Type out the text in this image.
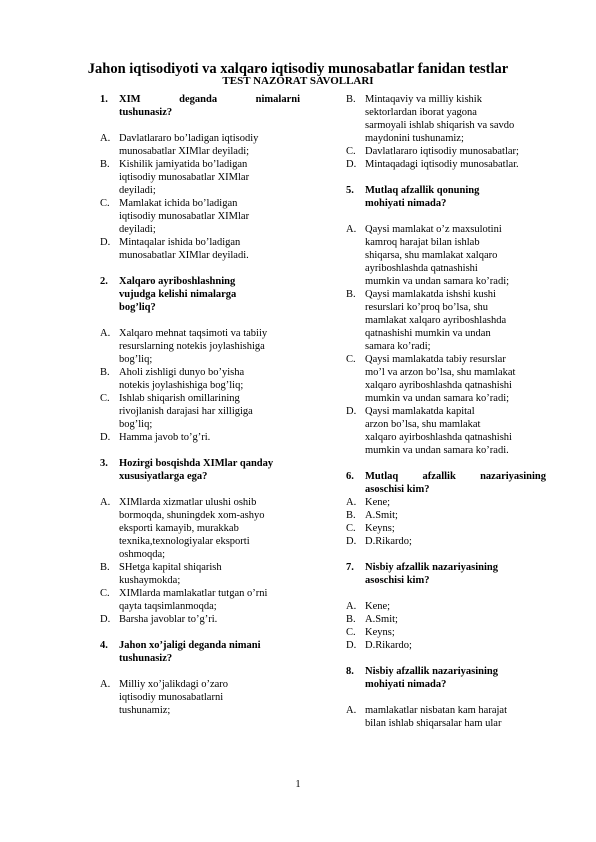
Jahon iqtisodiyoti va xalqaro iqtisodiy munosabatlar fanidan testlar
TEST NAZORAT SAVOLLARI
1. XIM deganda nimalarni
tushunasiz?
A. Davlatlararo bo’ladigan iqtisodiy
munosabatlar XIMlar deyiladi;
B. Kishilik jamiyatida bo’ladigan
iqtisodiy munosabatlar XIMlar
deyiladi;
C. Mamlakat ichida bo’ladigan
iqtisodiy munosabatlar XIMlar
deyiladi;
D. Mintaqalar ishida bo’ladigan
munosabatlar XIMlar deyiladi.
2. Xalqaro ayriboshlashning
vujudga kelishi nimalarga
bog’liq?
A. Xalqaro mehnat taqsimoti va tabiiy
resurslarning notekis joylashishiga
bog’liq;
B. Aholi zishligi dunyo bo’yisha
notekis joylashishiga bog’liq;
C. Ishlab shiqarish omillarining
rivojlanish darajasi har xilligiga
bog’liq;
D. Hamma javob to’g’ri.
3. Hozirgi bosqishda XIMlar qanday
xususiyatlarga ega?
A. XIMlarda xizmatlar ulushi oshib
bormoqda, shuningdek xom-ashyo
eksporti kamayib, murakkab
texnika,texnologiyalar eksporti
oshmoqda;
B. SHetga kapital shiqarish
kushaymokda;
C. XIMlarda mamlakatlar tutgan o’rni
qayta taqsimlanmoqda;
D. Barsha javoblar to’g’ri.
4. Jahon xo’jaligi deganda nimani
tushunasiz?
A. Milliy xo’jalikdagi o’zaro
iqtisodiy munosabatlarni
tushunamiz;
B. Mintaqaviy va milliy kishik
sektorlardan iborat yagona
sarmoyali ishlab shiqarish va savdo
maydonini tushunamiz;
C. Davlatlararo iqtisodiy munosabatlar;
D. Mintaqadagi iqtisodiy munosabatlar.
5. Mutlaq afzallik qonuning
mohiyati nimada?
A. Qaysi mamlakat o’z maxsulotini
kamroq harajat bilan ishlab
shiqarsa, shu mamlakat xalqaro
ayriboshlashda qatnashishi
mumkin va undan samara ko’radi;
B. Qaysi mamlakatda ishshi kushi
resurslari ko’proq bo’lsa, shu
mamlakat xalqaro ayriboshlashda
qatnashishi mumkin va undan
samara ko’radi;
C. Qaysi mamlakatda tabiy resurslar
mo’l va arzon bo’lsa, shu mamlakat
xalqaro ayriboshlashda qatnashishi
mumkin va undan samara ko’radi;
D. Qaysi mamlakatda kapital
arzon bo’lsa, shu mamlakat
xalqaro ayirboshlashda qatnashishi
mumkin va undan samara ko’radi.
6. Mutlaq afzallik nazariyasining
asoschisi kim?
A. Kene;
B. A.Smit;
C. Keyns;
D. D.Rikardo;
7. Nisbiy afzallik nazariyasining
asoschisi kim?
A. Kene;
B. A.Smit;
C. Keyns;
D. D.Rikardo;
8. Nisbiy afzallik nazariyasining
mohiyati nimada?
A. mamlakatlar nisbatan kam harajat
bilan ishlab shiqarsalar ham ular
1
